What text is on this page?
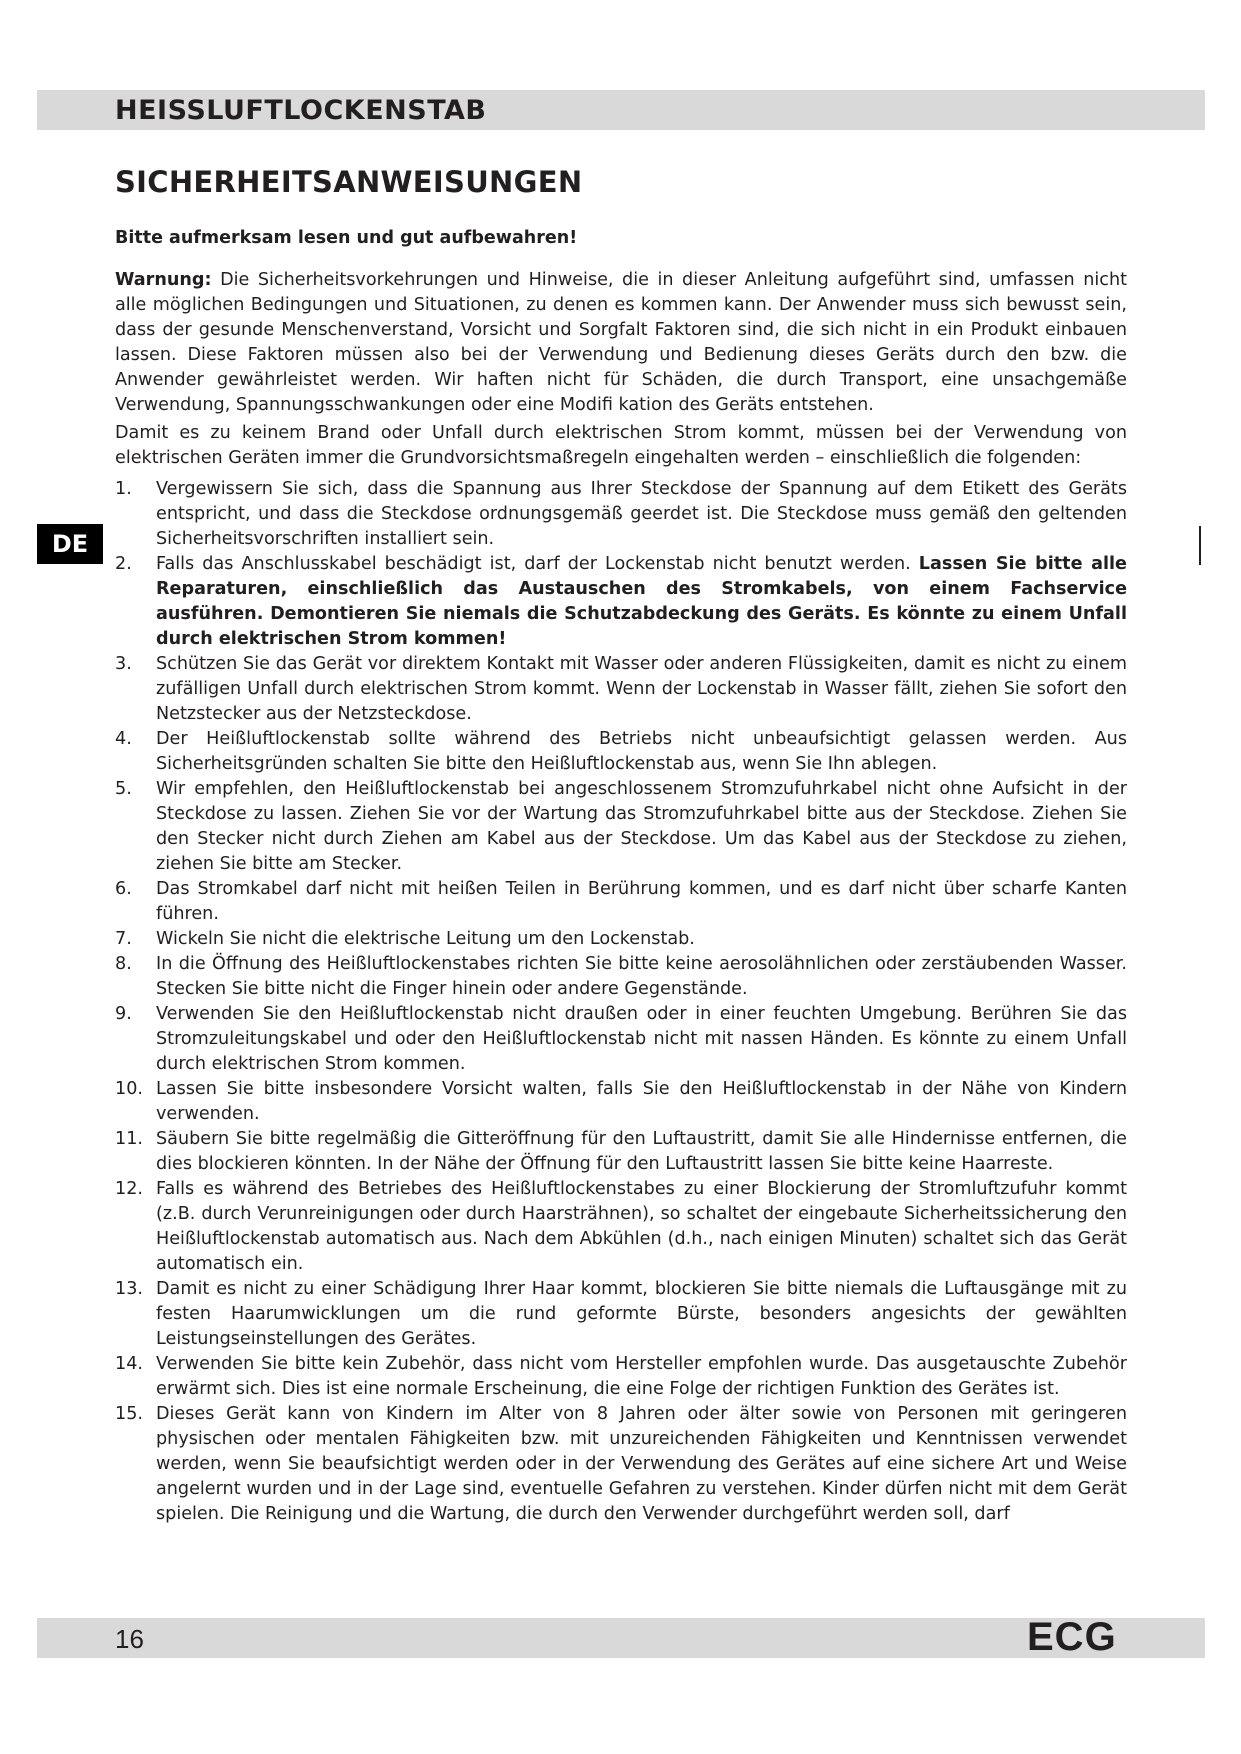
HEISSLUFTLOCKENSTAB
SICHERHEITSANWEISUNGEN
Bitte aufmerksam lesen und gut aufbewahren!
DE

Warnung: Die Sicherheitsvorkehrungen und Hinweise, die in dieser Anleitung aufgeführt sind, umfassen nicht alle möglichen Bedingungen und Situationen, zu denen es kommen kann. Der Anwender muss sich bewusst sein, dass der gesunde Menschenverstand, Vorsicht und Sorgfalt Faktoren sind, die sich nicht in ein Produkt einbauen lassen. Diese Faktoren müssen also bei der Verwendung und Bedienung dieses Geräts durch den bzw. die Anwender gewährleistet werden. Wir haften nicht für Schäden, die durch Transport, eine unsachgemäße Verwendung, Spannungsschwankungen oder eine Modifi kation des Geräts entstehen.

Damit es zu keinem Brand oder Unfall durch elektrischen Strom kommt, müssen bei der Verwendung von elektrischen Geräten immer die Grundvorsichtsmaßregeln eingehalten werden – einschließlich die folgenden:

1. Vergewissern Sie sich, dass die Spannung aus Ihrer Steckdose der Spannung auf dem Etikett des Geräts entspricht, und dass die Steckdose ordnungsgemäß geerdet ist. Die Steckdose muss gemäß den geltenden Sicherheitsvorschriften installiert sein.
2. Falls das Anschlusskabel beschädigt ist, darf der Lockenstab nicht benutzt werden. Lassen Sie bitte alle Reparaturen, einschließlich das Austauschen des Stromkabels, von einem Fachservice ausführen. Demontieren Sie niemals die Schutzabdeckung des Geräts. Es könnte zu einem Unfall durch elektrischen Strom kommen!
3. Schützen Sie das Gerät vor direktem Kontakt mit Wasser oder anderen Flüssigkeiten, damit es nicht zu einem zufälligen Unfall durch elektrischen Strom kommt. Wenn der Lockenstab in Wasser fällt, ziehen Sie sofort den Netzstecker aus der Netzsteckdose.
4. Der Heißluftlockenstab sollte während des Betriebs nicht unbeaufsichtigt gelassen werden. Aus Sicherheitsgründen schalten Sie bitte den Heißluftlockenstab aus, wenn Sie Ihn ablegen.
5. Wir empfehlen, den Heißluftlockenstab bei angeschlossenem Stromzufuhrkabel nicht ohne Aufsicht in der Steckdose zu lassen. Ziehen Sie vor der Wartung das Stromzufuhrkabel bitte aus der Steckdose. Ziehen Sie den Stecker nicht durch Ziehen am Kabel aus der Steckdose. Um das Kabel aus der Steckdose zu ziehen, ziehen Sie bitte am Stecker.
6. Das Stromkabel darf nicht mit heißen Teilen in Berührung kommen, und es darf nicht über scharfe Kanten führen.
7. Wickeln Sie nicht die elektrische Leitung um den Lockenstab.
8. In die Öffnung des Heißluftlockenstabes richten Sie bitte keine aerosolähnlichen oder zerstäubenden Wasser. Stecken Sie bitte nicht die Finger hinein oder andere Gegenstände.
9. Verwenden Sie den Heißluftlockenstab nicht draußen oder in einer feuchten Umgebung. Berühren Sie das Stromzuleitungskabel und oder den Heißluftlockenstab nicht mit nassen Händen. Es könnte zu einem Unfall durch elektrischen Strom kommen.
10. Lassen Sie bitte insbesondere Vorsicht walten, falls Sie den Heißluftlockenstab in der Nähe von Kindern verwenden.
11. Säubern Sie bitte regelmäßig die Gitteröffnung für den Luftaustritt, damit Sie alle Hindernisse entfernen, die dies blockieren könnten. In der Nähe der Öffnung für den Luftaustritt lassen Sie bitte keine Haarreste.
12. Falls es während des Betriebes des Heißluftlockenstabes zu einer Blockierung der Stromluftzufuhr kommt (z.B. durch Verunreinigungen oder durch Haarsträhnen), so schaltet der eingebaute Sicherheitssicherung den Heißluftlockenstab automatisch aus. Nach dem Abkühlen (d.h., nach einigen Minuten) schaltet sich das Gerät automatisch ein.
13. Damit es nicht zu einer Schädigung Ihrer Haar kommt, blockieren Sie bitte niemals die Luftausgänge mit zu festen Haarumwicklungen um die rund geformte Bürste, besonders angesichts der gewählten Leistungseinstellungen des Gerätes.
14. Verwenden Sie bitte kein Zubehör, dass nicht vom Hersteller empfohlen wurde. Das ausgetauschte Zubehör erwärmt sich. Dies ist eine normale Erscheinung, die eine Folge der richtigen Funktion des Gerätes ist.
15. Dieses Gerät kann von Kindern im Alter von 8 Jahren oder älter sowie von Personen mit geringeren physischen oder mentalen Fähigkeiten bzw. mit unzureichenden Fähigkeiten und Kenntnissen verwendet werden, wenn Sie beaufsichtigt werden oder in der Verwendung des Gerätes auf eine sichere Art und Weise angelernt wurden und in der Lage sind, eventuelle Gefahren zu verstehen. Kinder dürfen nicht mit dem Gerät spielen. Die Reinigung und die Wartung, die durch den Verwender durchgeführt werden soll, darf
16	ECG
